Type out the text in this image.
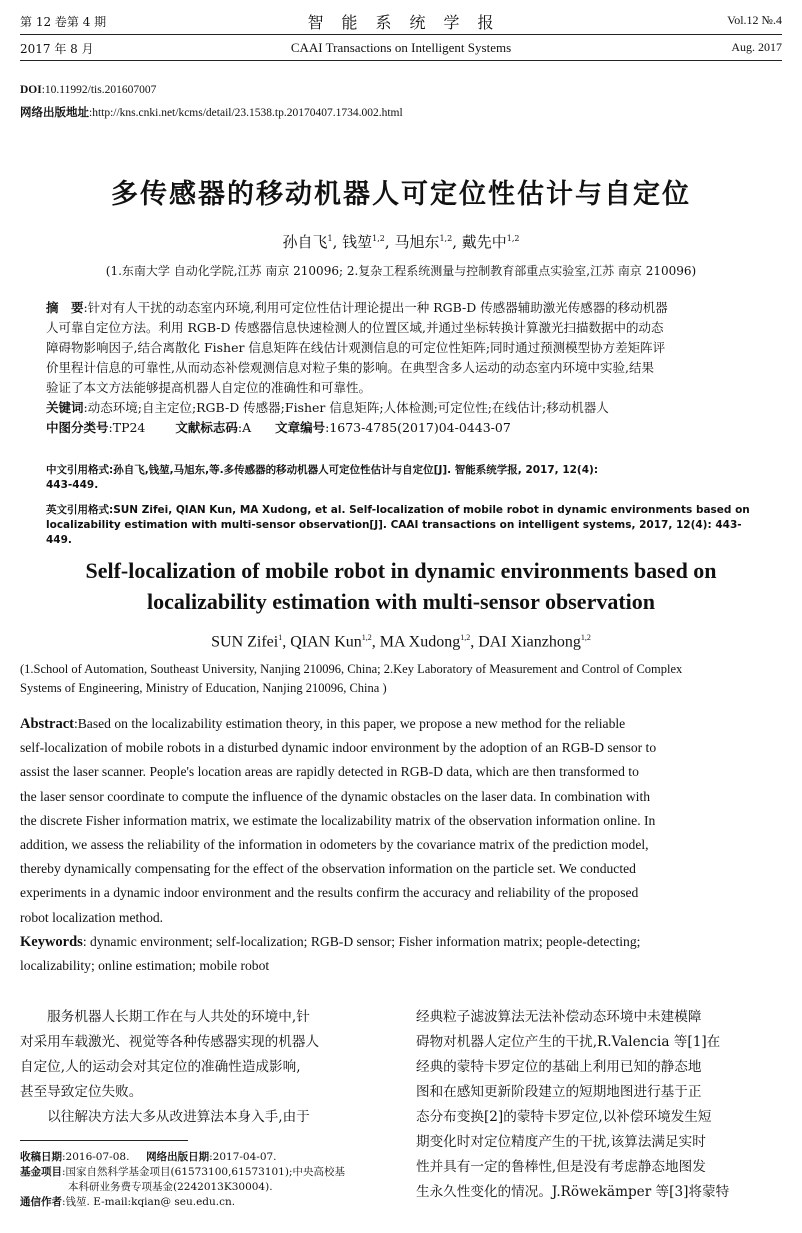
第 12 卷第 4 期	智　能　系　统　学　报	Vol.12 №.4
2017 年 8 月	CAAI Transactions on Intelligent Systems	Aug. 2017
DOI:10.11992/tis.201607007
网络出版地址:http://kns.cnki.net/kcms/detail/23.1538.tp.20170407.1734.002.html
多传感器的移动机器人可定位性估计与自定位
孙自飞$^1$, 钱堃$^{1,2}$, 马旭东$^{1,2}$, 戴先中$^{1,2}$
(1.东南大学 自动化学院,江苏 南京 210096; 2.复杂工程系统测量与控制教育部重点实验室,江苏 南京 210096)
摘　要:针对有人干扰的动态室内环境,利用可定位性估计理论提出一种 RGB-D 传感器辅助激光传感器的移动机器
人可靠自定位方法。利用 RGB-D 传感器信息快速检测人的位置区域,并通过坐标转换计算激光扫描数据中的动态
障碍物影响因子,结合离散化 Fisher 信息矩阵在线估计观测信息的可定位性矩阵;同时通过预测模型协方差矩阵评
价里程计信息的可靠性,从而动态补偿观测信息对粒子集的影响。在典型含多人运动的动态室内环境中实验,结果
验证了本文方法能够提高机器人自定位的准确性和可靠性。
关键词:动态环境;自主定位;RGB-D 传感器;Fisher 信息矩阵;人体检测;可定位性;在线估计;移动机器人
中图分类号:TP24 文献标志码:A 文章编号:1673-4785(2017)04-0443-07
中文引用格式:孙自飞,钱堃,马旭东,等.多传感器的移动机器人可定位性估计与自定位[J]. 智能系统学报, 2017, 12(4):
443-449.
英文引用格式:SUN Zifei, QIAN Kun, MA Xudong, et al. Self-localization of mobile robot in dynamic environments based on
localizability estimation with multi-sensor observation[J]. CAAI transactions on intelligent systems, 2017, 12(4): 443-449.
Self-localization of mobile robot in dynamic environments based on
localizability estimation with multi-sensor observation
SUN Zifei$^1$, QIAN Kun$^{1,2}$, MA Xudong$^{1,2}$, DAI Xianzhong$^{1,2}$
(1.School of Automation, Southeast University, Nanjing 210096, China; 2.Key Laboratory of Measurement and Control of Complex
Systems of Engineering, Ministry of Education, Nanjing 210096, China )
Abstract:Based on the localizability estimation theory, in this paper, we propose a new method for the reliable
self-localization of mobile robots in a disturbed dynamic indoor environment by the adoption of an RGB-D sensor to
assist the laser scanner. People's location areas are rapidly detected in RGB-D data, which are then transformed to
the laser sensor coordinate to compute the influence of the dynamic obstacles on the laser data. In combination with
the discrete Fisher information matrix, we estimate the localizability matrix of the observation information online. In
addition, we assess the reliability of the information in odometers by the covariance matrix of the prediction model,
thereby dynamically compensating for the effect of the observation information on the particle set. We conducted
experiments in a dynamic indoor environment and the results confirm the accuracy and reliability of the proposed
robot localization method.
Keywords: dynamic environment; self-localization; RGB-D sensor; Fisher information matrix; people-detecting;
localizability; online estimation; mobile robot
　　服务机器人长期工作在与人共处的环境中,针
对采用车载激光、视觉等各种传感器实现的机器人
自定位,人的运动会对其定位的准确性造成影响,
甚至导致定位失败。
　　以往解决方法大多从改进算法本身入手,由于
收稿日期:2016-07-08. 网络出版日期:2017-04-07.
基金项目:国家自然科学基金项目(61573100,61573101);中央高校基
本科研业务费专项基金(2242013K30004).
通信作者:钱堃. E-mail:kqian@ seu.edu.cn.
经典粒子滤波算法无法补偿动态环境中未建模障
碍物对机器人定位产生的干扰,R.Valencia 等[1]在
经典的蒙特卡罗定位的基础上利用已知的静态地
图和在感知更新阶段建立的短期地图进行基于正
态分布变换[2]的蒙特卡罗定位,以补偿环境发生短
期变化时对定位精度产生的干扰,该算法满足实时
性并具有一定的鲁棒性,但是没有考虑静态地图发
生永久性变化的情况。J.Röwekämper 等[3]将蒙特
